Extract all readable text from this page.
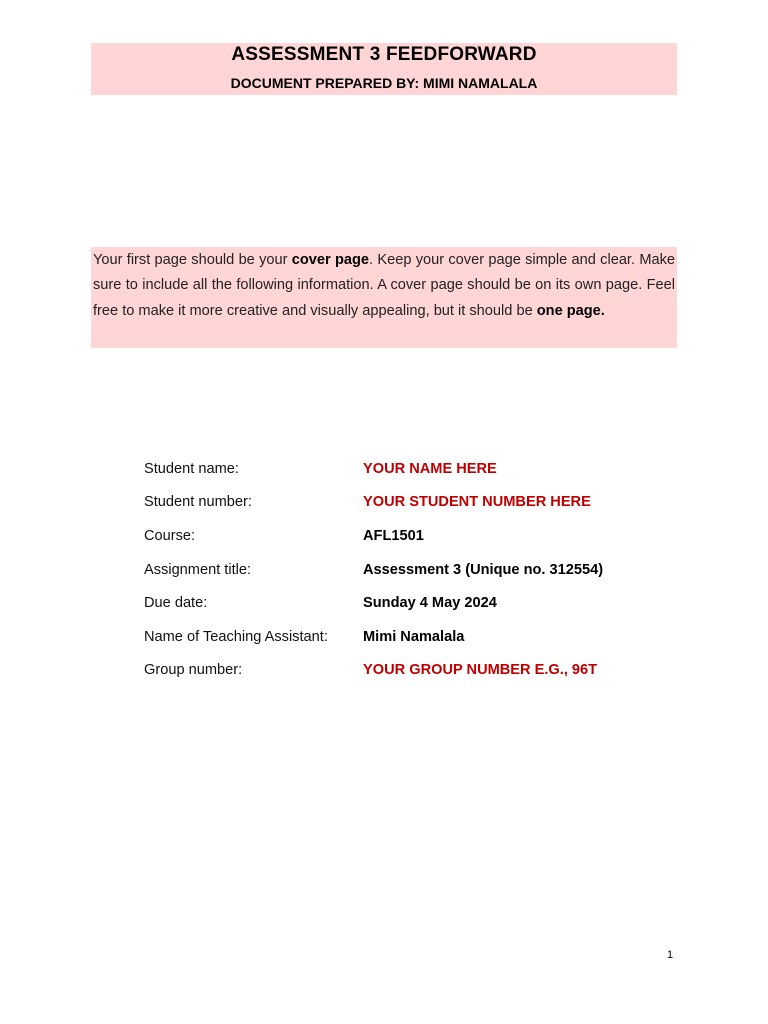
ASSESSMENT 3 FEEDFORWARD
DOCUMENT PREPARED BY: MIMI NAMALALA
Your first page should be your cover page. Keep your cover page simple and clear. Make sure to include all the following information. A cover page should be on its own page. Feel free to make it more creative and visually appealing, but it should be one page.
Student name:	YOUR NAME HERE
Student number:	YOUR STUDENT NUMBER HERE
Course:	AFL1501
Assignment title:	Assessment 3 (Unique no. 312554)
Due date:	Sunday 4 May 2024
Name of Teaching Assistant:	Mimi Namalala
Group number:	YOUR GROUP NUMBER E.G., 96T
1
